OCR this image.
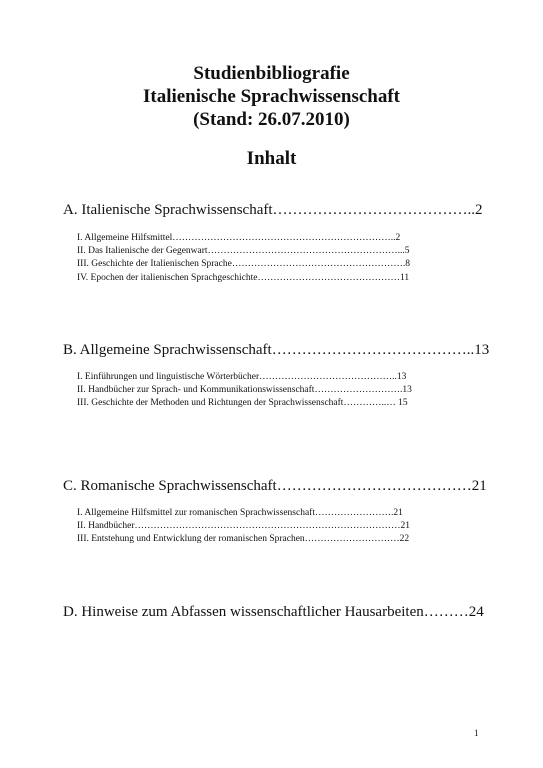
Studienbibliografie
Italienische Sprachwissenschaft
(Stand: 26.07.2010)
Inhalt
A. Italienische Sprachwissenschaft…………………………………..2
I. Allgemeine Hilfsmittel……………………………………………………………..2
II. Das Italienische der Gegenwart……………………………………………………...5
III. Geschichte der Italienischen Sprache……………………………………………….8
IV. Epochen der italienischen Sprachgeschichte………………………………………11
B. Allgemeine Sprachwissenschaft…………………………………..13
I. Einführungen und linguistische Wörterbücher……………………………………..13
II. Handbücher zur Sprach- und Kommunikationswissenschaft……………………….13
III. Geschichte der Methoden und Richtungen der Sprachwissenschaft…………..… 15
C. Romanische Sprachwissenschaft…………………………………21
I. Allgemeine Hilfsmittel zur romanischen Sprachwissenschaft…………………….21
II. Handbücher…………………………………………………………………………21
III. Entstehung und Entwicklung der romanischen Sprachen…………………………22
D. Hinweise zum Abfassen wissenschaftlicher Hausarbeiten………24
1
